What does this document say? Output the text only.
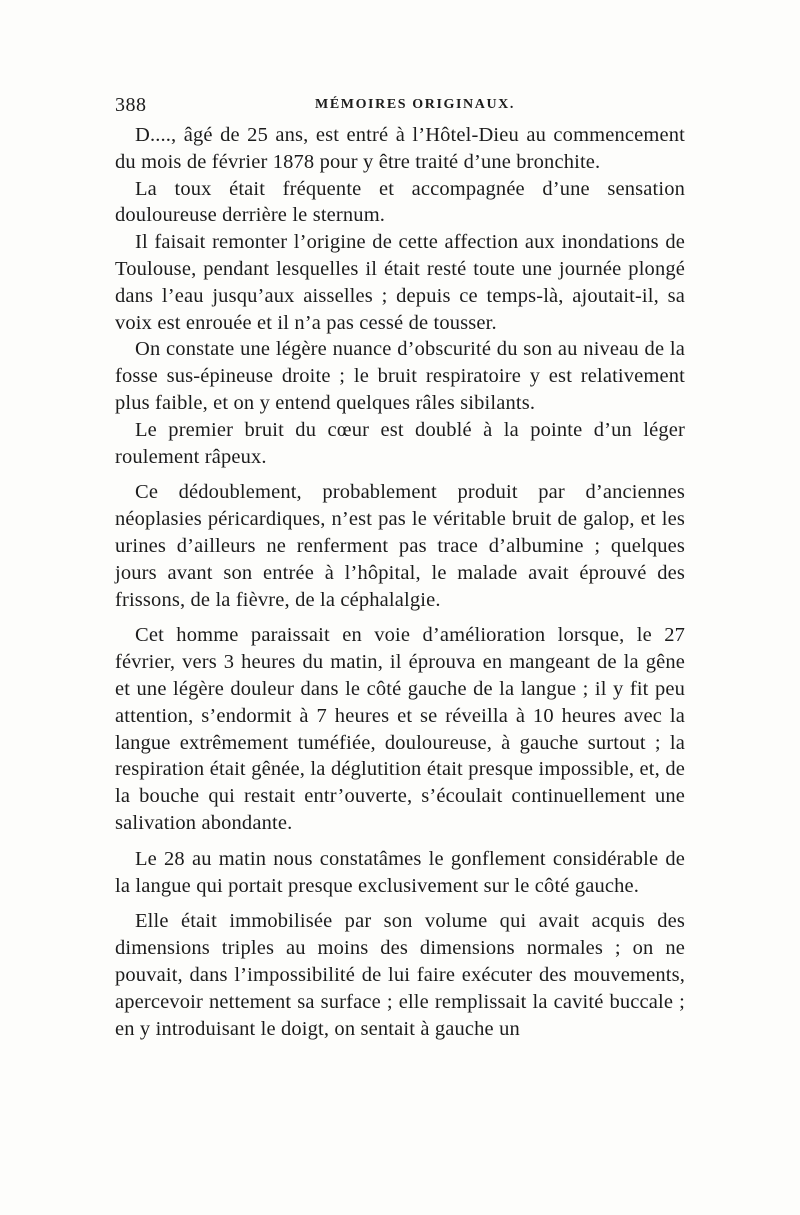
388	MÉMOIRES ORIGINAUX.

D...., âgé de 25 ans, est entré à l’Hôtel-Dieu au commencement du mois de février 1878 pour y être traité d’une bronchite.

La toux était fréquente et accompagnée d’une sensation douloureuse derrière le sternum.

Il faisait remonter l’origine de cette affection aux inondations de Toulouse, pendant lesquelles il était resté toute une journée plongé dans l’eau jusqu’aux aisselles ; depuis ce temps-là, ajoutait-il, sa voix est enrouée et il n’a pas cessé de tousser.

On constate une légère nuance d’obscurité du son au niveau de la fosse sus-épineuse droite ; le bruit respiratoire y est relativement plus faible, et on y entend quelques râles sibilants.

Le premier bruit du cœur est doublé à la pointe d’un léger roulement râpeux.

Ce dédoublement, probablement produit par d’anciennes néoplasies péricardiques, n’est pas le véritable bruit de galop, et les urines d’ailleurs ne renferment pas trace d’albumine ; quelques jours avant son entrée à l’hôpital, le malade avait éprouvé des frissons, de la fièvre, de la céphalalgie.

Cet homme paraissait en voie d’amélioration lorsque, le 27 février, vers 3 heures du matin, il éprouva en mangeant de la gêne et une légère douleur dans le côté gauche de la langue ; il y fit peu attention, s’endormit à 7 heures et se réveilla à 10 heures avec la langue extrêmement tuméfiée, douloureuse, à gauche surtout ; la respiration était gênée, la déglutition était presque impossible, et, de la bouche qui restait entr’ouverte, s’écoulait continuellement une salivation abondante.

Le 28 au matin nous constatâmes le gonflement considérable de la langue qui portait presque exclusivement sur le côté gauche.

Elle était immobilisée par son volume qui avait acquis des dimensions triples au moins des dimensions normales ; on ne pouvait, dans l’impossibilité de lui faire exécuter des mouvements, apercevoir nettement sa surface ; elle remplissait la cavité buccale ; en y introduisant le doigt, on sentait à gauche un
